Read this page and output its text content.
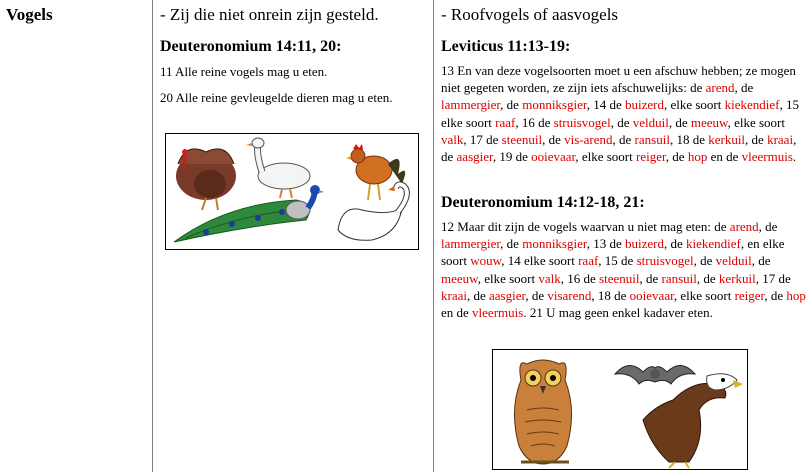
Vogels	- Zij die niet onrein zijn gesteld.
Deuteronomium 14:11, 20:
11 Alle reine vogels mag u eten.
20 Alle reine gevleugelde dieren mag u eten.
- Roofvogels of aasvogels
Leviticus 11:13-19:
13 En van deze vogelsoorten moet u een afschuw hebben; ze mogen niet gegeten worden, ze zijn iets afschuwelijks: de arend, de lammergier, de monniksgier, 14 de buizerd, elke soort kiekendief, 15 elke soort raaf, 16 de struisvogel, de velduil, de meeuw, elke soort valk, 17 de steenuil, de vis-arend, de ransuil, 18 de kerkuil, de kraai, de aasgier, 19 de ooievaar, elke soort reiger, de hop en de vleermuis.
Deuteronomium 14:12-18, 21:
12 Maar dit zijn de vogels waarvan u niet mag eten: de arend, de lammergier, de monniksgier, 13 de buizerd, de kiekendief, en elke soort wouw, 14 elke soort raaf, 15 de struisvogel, de velduil, de meeuw, elke soort valk, 16 de steenuil, de ransuil, de kerkuil, 17 de kraai, de aasgier, de visarend, 18 de ooievaar, elke soort reiger, de hop en de vleermuis. 21 U mag geen enkel kadaver eten.
